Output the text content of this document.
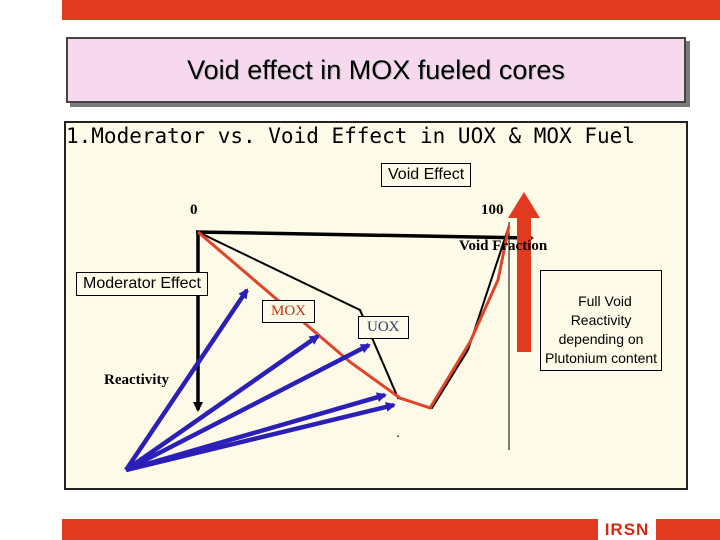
Void effect in MOX fueled cores
1.Moderator vs. Void Effect in UOX & MOX Fuel
Void Effect
0	100
Void Fraction
Moderator Effect
MOX
UOX
Reactivity
.

Full Void
Reactivity
depending on
Plutonium content

IRSN
